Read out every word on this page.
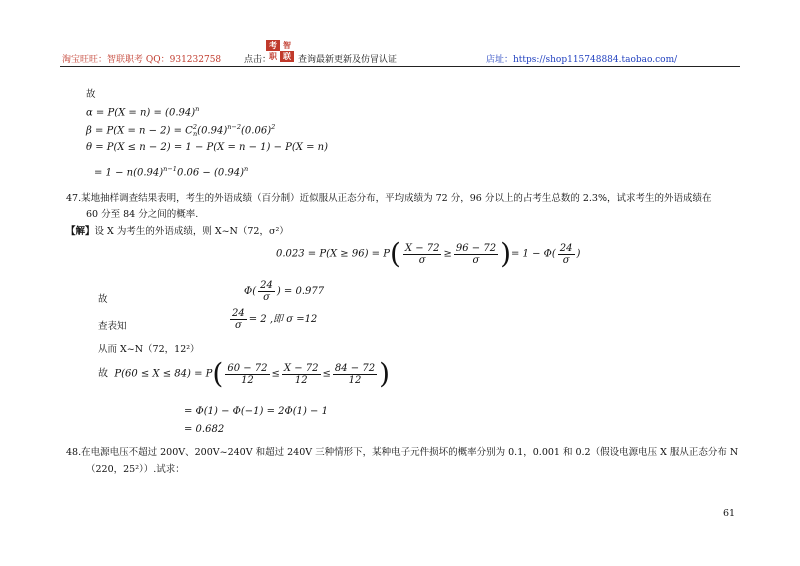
淘宝旺旺：智联职考 QQ：931232758	点击：
考 智
职 联 查询最新更新及仿冒认证	店址：https://shop115748884.taobao.com/
故
$\alpha = P(X = n) = (0.94)^n$
$\beta = P(X = n - 2) = C^2_n(0.94)^{n-2}(0.06)^2$
θ = P(X ≤ n − 2) = 1 − P(X = n − 1) − P(X = n)
= $1 - n(0.94)^{n-1}0.06 - (0.94)^n$
47.某地抽样调查结果表明，考生的外语成绩（百分制）近似服从正态分布，平均成绩为 72 分，96 分以上的占考生总数的 2.3%，试求考生的外语成绩在
60 分至 84 分之间的概率.
【解】设 X 为考生的外语成绩，则 X~N（72，σ²）
$0.023 = P(X \ge 96) = P( \frac{X - 72}{\sigma} \ge \frac{96 - 72}{\sigma}$ )= $1 - \Phi( \frac{24}{\sigma}$ )
故
$\Phi( \frac{24}{\sigma}$ ) = 0.977
查表知	$\frac{24}{\sigma} = 2$ ,即 σ =12
从而 X~N（72，12²）
故 $P(60 \le X \le 84) = P( \frac{60 - 72}{12} \le \frac{X - 72}{12} \le \frac{84 - 72}{12}$ )
= Φ(1) − Φ(−1) = 2Φ(1) − 1
= 0.682
48.在电源电压不超过 200V、200V~240V 和超过 240V 三种情形下，某种电子元件损坏的概率分别为 0.1，0.001 和 0.2（假设电源电压 X 服从正态分布 N
（220，25²））.试求：
61
